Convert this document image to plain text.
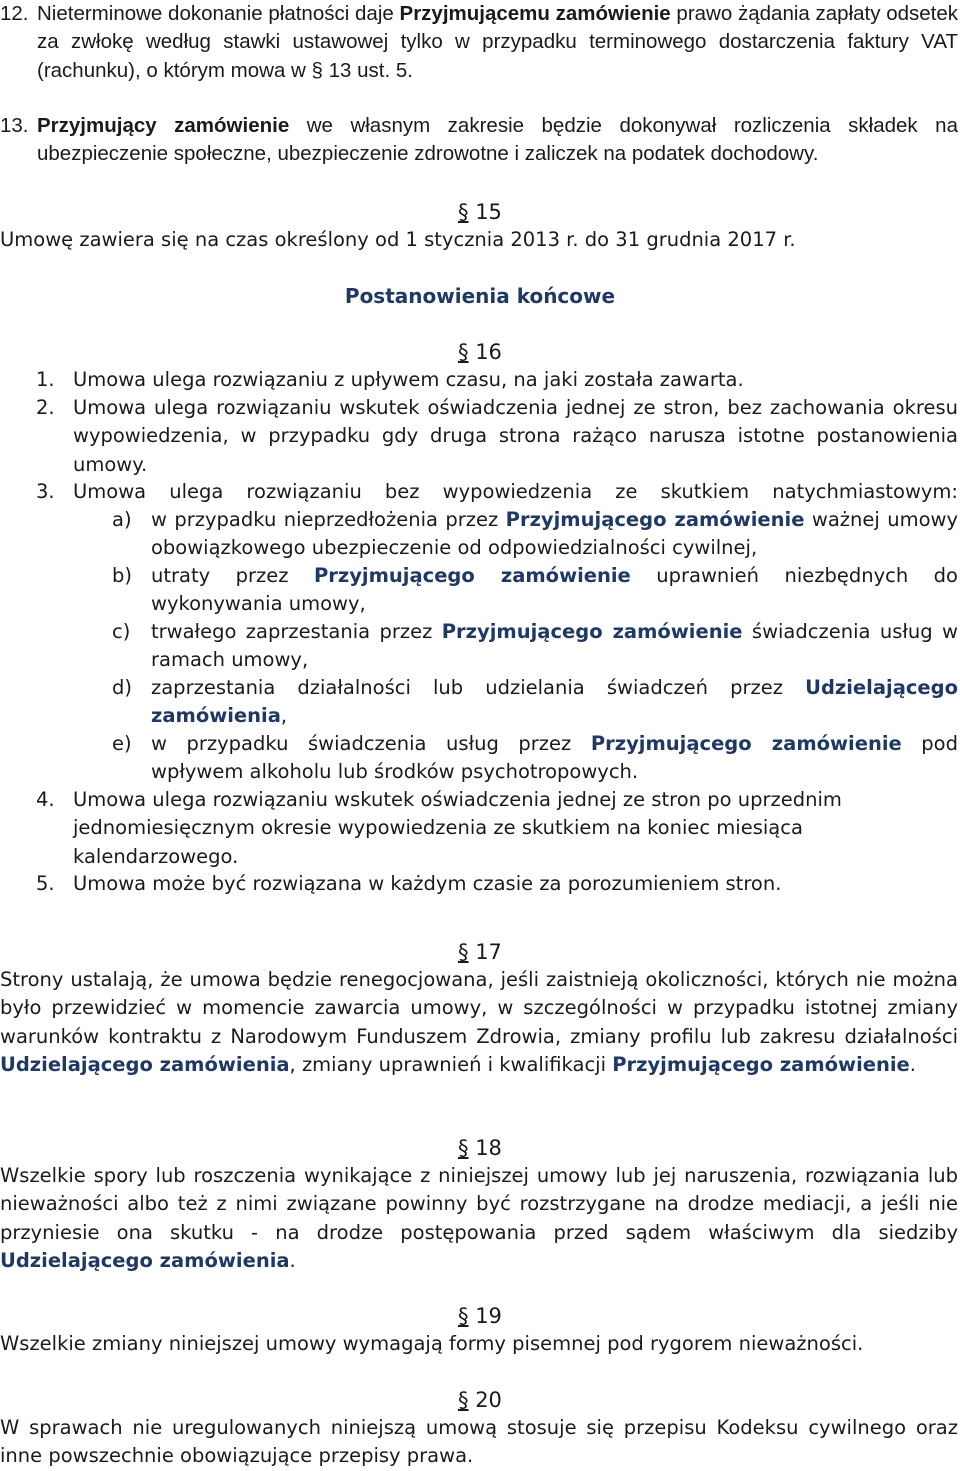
12. Nieterminowe dokonanie płatności daje Przyjmującemu zamówienie prawo żądania zapłaty odsetek za zwłokę według stawki ustawowej tylko w przypadku terminowego dostarczenia faktury VAT (rachunku), o którym mowa w § 13 ust. 5.
13. Przyjmujący zamówienie we własnym zakresie będzie dokonywał rozliczenia składek na ubezpieczenie społeczne, ubezpieczenie zdrowotne i zaliczek na podatek dochodowy.
§ 15
Umowę zawiera się na czas określony od 1 stycznia 2013 r. do 31 grudnia 2017 r.
Postanowienia końcowe
§ 16
1. Umowa ulega rozwiązaniu z upływem czasu, na jaki została zawarta.
2. Umowa ulega rozwiązaniu wskutek oświadczenia jednej ze stron, bez zachowania okresu wypowiedzenia, w przypadku gdy druga strona rażąco narusza istotne postanowienia umowy.
3. Umowa ulega rozwiązaniu bez wypowiedzenia ze skutkiem natychmiastowym:
a) w przypadku nieprzedłożenia przez Przyjmującego zamówienie ważnej umowy obowiązkowego ubezpieczenie od odpowiedzialności cywilnej,
b) utraty przez Przyjmującego zamówienie uprawnień niezbędnych do wykonywania umowy,
c) trwałego zaprzestania przez Przyjmującego zamówienie świadczenia usług w ramach umowy,
d) zaprzestania działalności lub udzielania świadczeń przez Udzielającego zamówienia,
e) w przypadku świadczenia usług przez Przyjmującego zamówienie pod wpływem alkoholu lub środków psychotropowych.
4. Umowa ulega rozwiązaniu wskutek oświadczenia jednej ze stron po uprzednim jednomiesięcznym okresie wypowiedzenia ze skutkiem na koniec miesiąca kalendarzowego.
5. Umowa może być rozwiązana w każdym czasie za porozumieniem stron.
§ 17
Strony ustalają, że umowa będzie renegocjowana, jeśli zaistnieją okoliczności, których nie można było przewidzieć w momencie zawarcia umowy, w szczególności w przypadku istotnej zmiany warunków kontraktu z Narodowym Funduszem Zdrowia, zmiany profilu lub zakresu działalności Udzielającego zamówienia, zmiany uprawnień i kwalifikacji Przyjmującego zamówienie.
§ 18
Wszelkie spory lub roszczenia wynikające z niniejszej umowy lub jej naruszenia, rozwiązania lub nieważności albo też z nimi związane powinny być rozstrzygane na drodze mediacji, a jeśli nie przyniesie ona skutku - na drodze postępowania przed sądem właściwym dla siedziby Udzielającego zamówienia.
§ 19
Wszelkie zmiany niniejszej umowy wymagają formy pisemnej pod rygorem nieważności.
§ 20
W sprawach nie uregulowanych niniejszą umową stosuje się przepisu Kodeksu cywilnego oraz inne powszechnie obowiązujące przepisy prawa.
